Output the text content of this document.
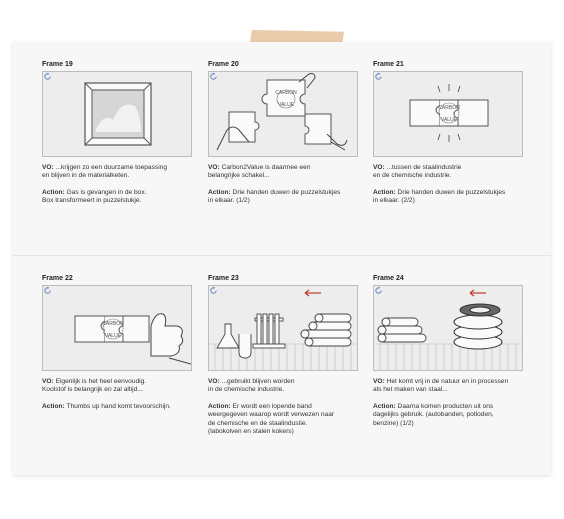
Frame 19
VO: ...krijgen zo een duurzame toepassing
en blijven in de materialketen.
Action: Gas is gevangen in de box.
Box transformeert in puzzelstukje.
Frame 20
CARBON
VALUE
VO: Carbon2Value is daarmee een
belangrijke schakel...
Action: Drie handen duwen de puzzelstukjes
in elkaar. (1/2)
Frame 21
CARBON
VALUE
VO: ...tussen de staalindustrie
en de chemische industrie.
Action: Drie handen duwen de puzzelstukjes
in elkaar. (2/2)
Frame 22
CARBON
VALUE
VO: Eigenlijk is het heel eenvoudig.
Koolstof is belangrijk en zal altijd...
Action: Thumbs up hand komt tevoorschijn.
Frame 23
VO: ...gebruikt blijven worden
in de chemische industrie.
Action: Er wordt een lopende band
weergegeven waarop wordt verwezen naar
de chemische en de staalindustie.
(labokolven en stalen kokers)
Frame 24
VO: Het komt vrij in de natuur en in processen
als het maken van staal...
Action: Daarna komen producten uit ons
dagelijks gebruik. (autobanden, potloden,
benzine) (1/2)
